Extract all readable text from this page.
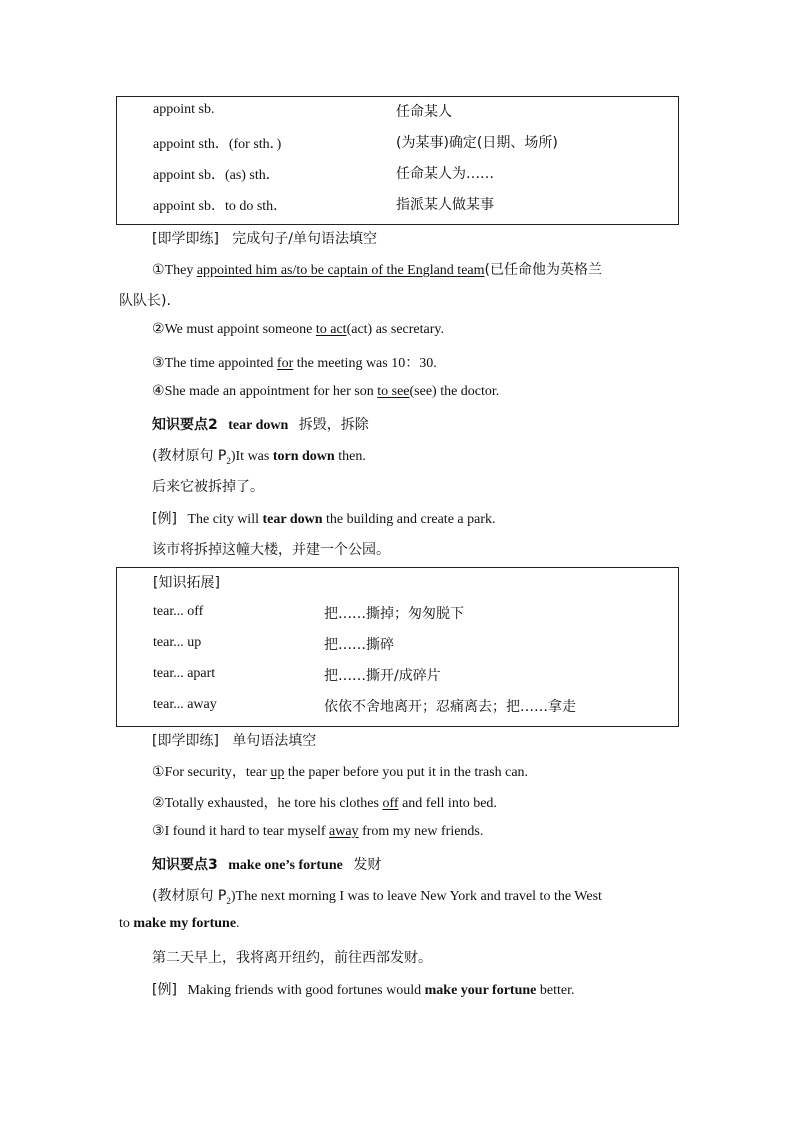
appoint sb.	任命某人
appoint sth．(for sth．)	(为某事)确定(日期、场所)
appoint sb．(as) sth．	任命某人为……
appoint sb．to do sth．	指派某人做某事
[即学即练] 完成句子/单句语法填空
①They appointed him as/to be captain of the England team(已任命他为英格兰
队队长).
②We must appoint someone to act(act) as secretary.
③The time appointed for the meeting was 10：30.
④She made an appointment for her son to see(see) the doctor.
知识要点2 tear down 拆毁，拆除
(教材原句 $P_2)It$ was torn down then.
后来它被拆掉了。
[例] The city will tear down the building and create a park.
该市将拆掉这幢大楼，并建一个公园。
[知识拓展]
tear... off	把……撕掉；匆匆脱下
tear... up	把……撕碎
tear... apart	把……撕开/成碎片
tear... away	依依不舍地离开；忍痛离去；把……拿走
[即学即练] 单句语法填空
①For security，tear up the paper before you put it in the trash can.
②Totally exhausted，he tore his clothes off and fell into bed.
③I found it hard to tear myself away from my new friends.
知识要点3 make one’s fortune 发财
(教材原句 $P_2)The$ next morning I was to leave New York and travel to the West
to make my fortune.
第二天早上，我将离开纽约，前往西部发财。
[例] Making friends with good fortunes would make your fortune better.
